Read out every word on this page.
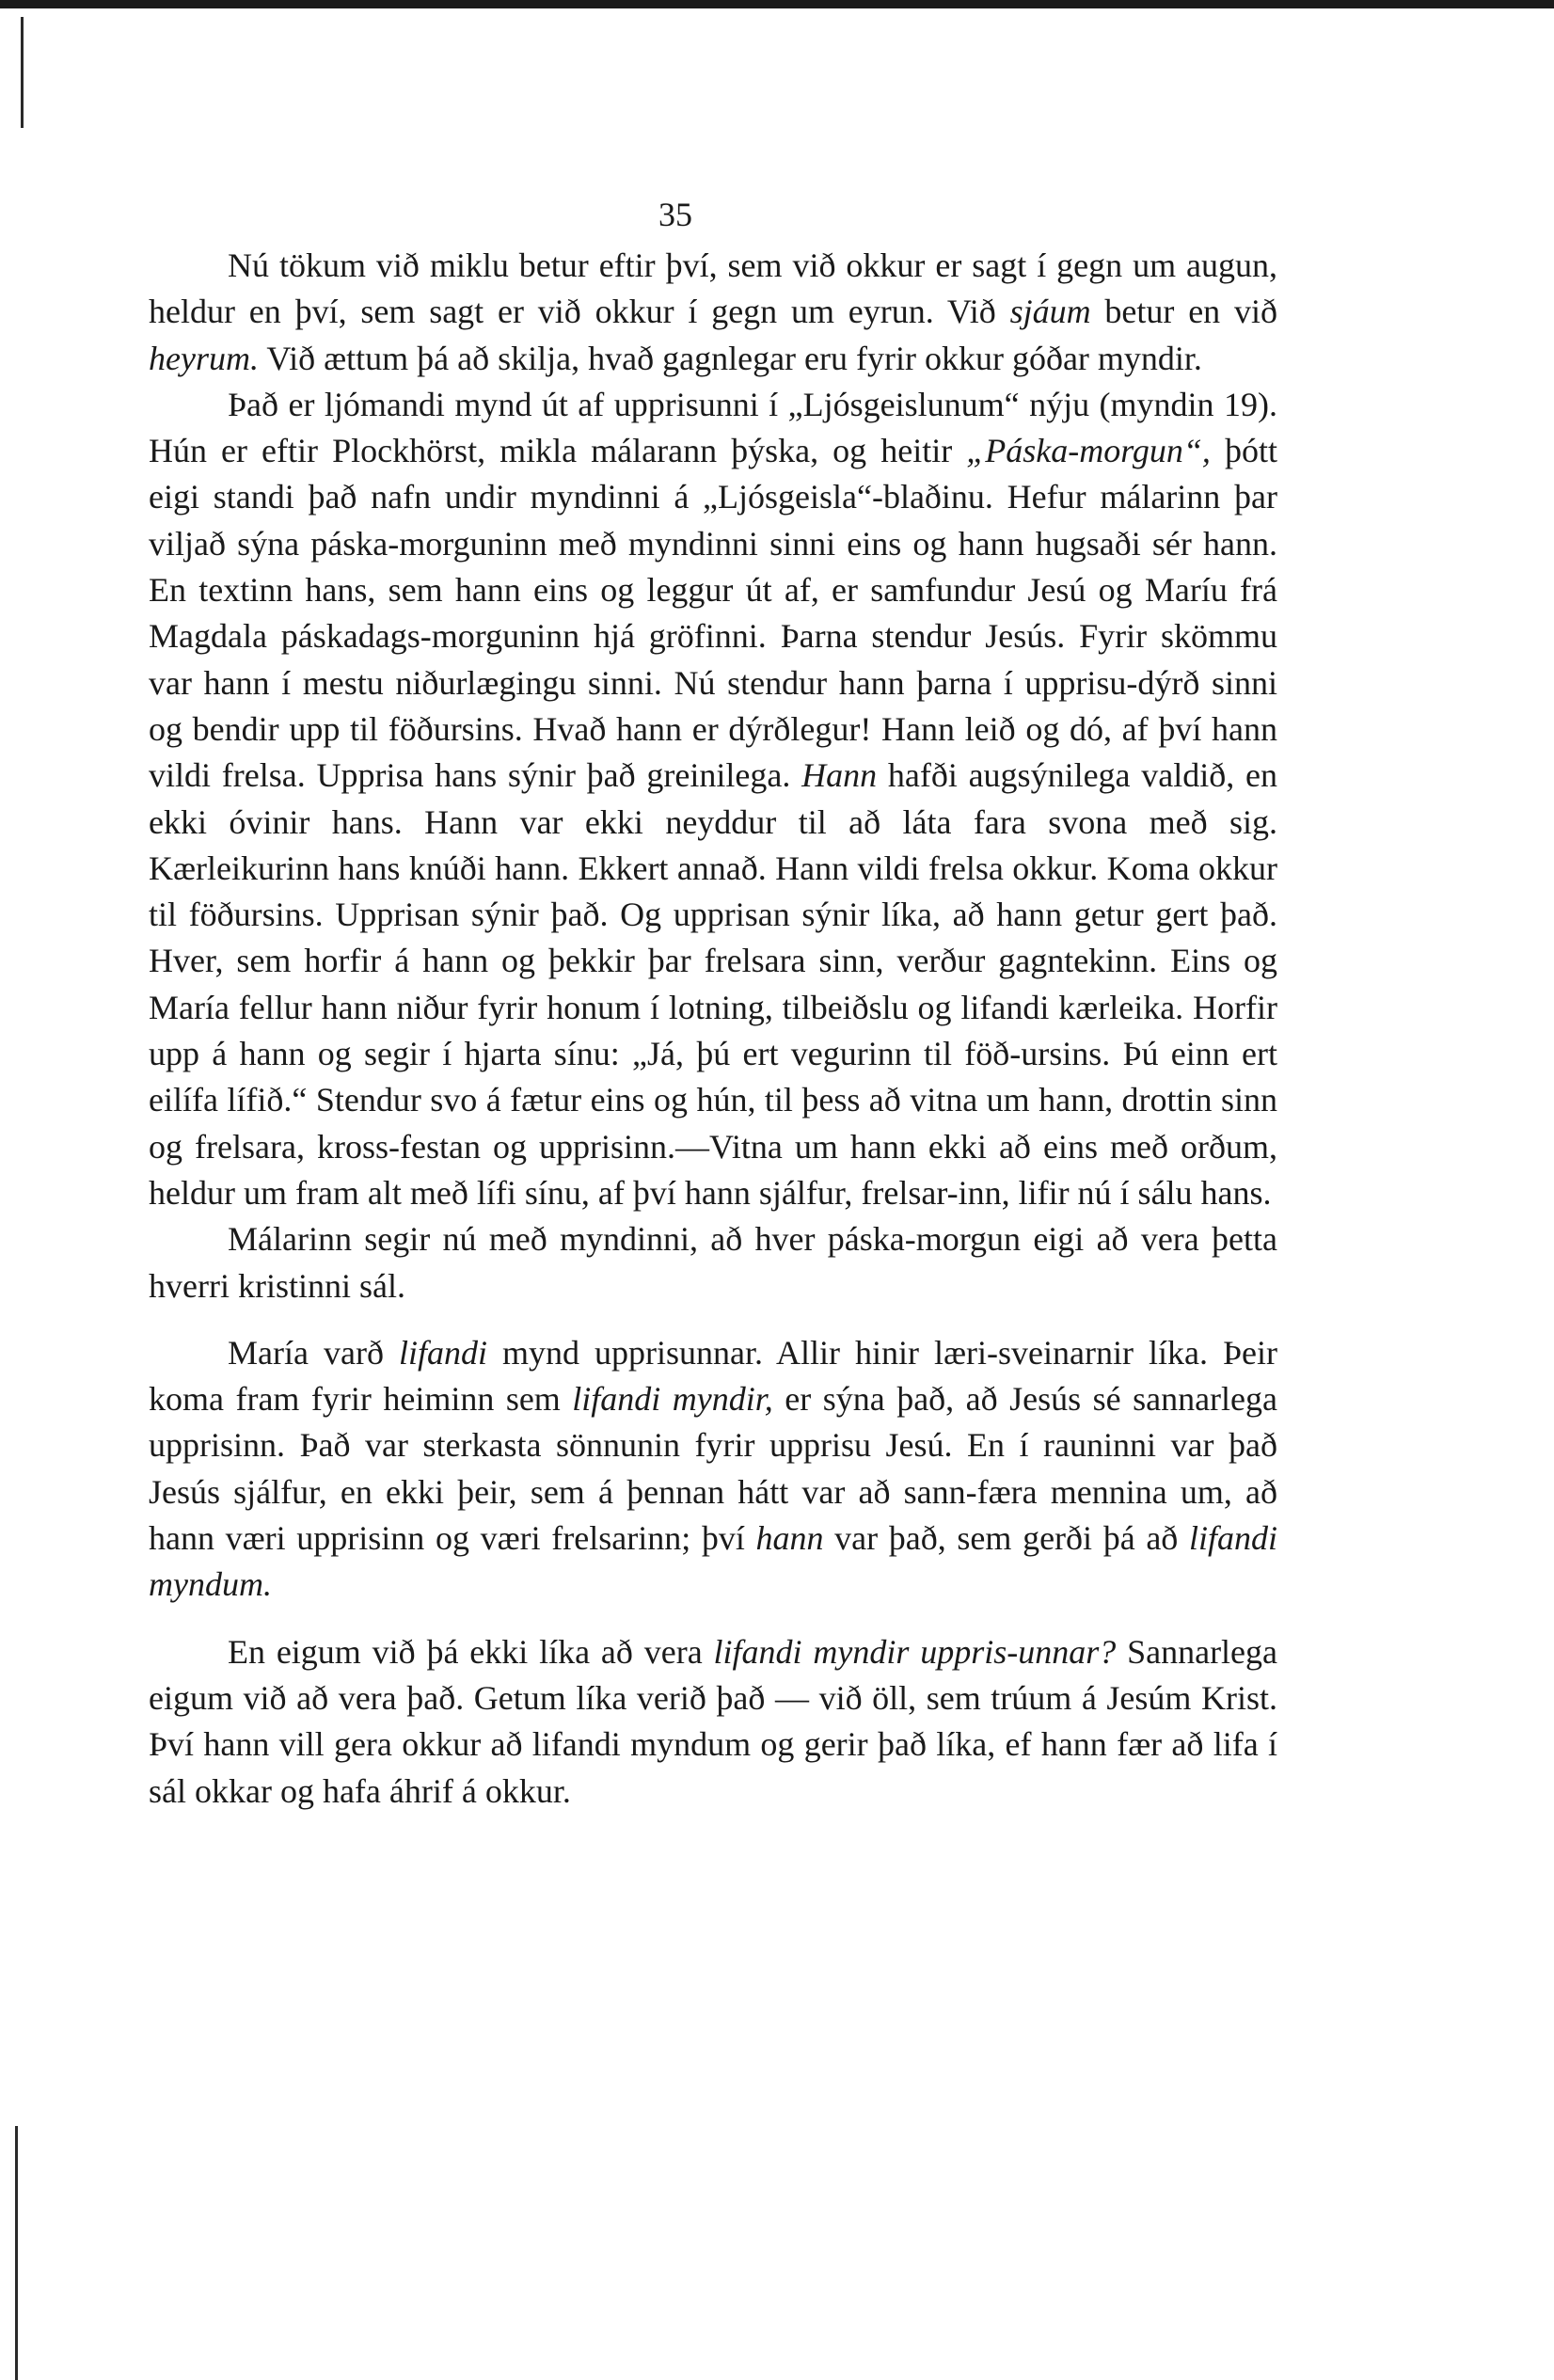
35

Nú tökum við miklu betur eftir því, sem við okkur er sagt í gegn um augun, heldur en því, sem sagt er við okkur í gegn um eyrun. Við sjáum betur en við heyrum. Við ættum þá að skilja, hvað gagnlegar eru fyrir okkur góðar myndir.

Það er ljómandi mynd út af upprisunni í „Ljósgeislunum“ nýju (myndin 19). Hún er eftir Plockhörst, mikla málarann þýska, og heitir „Páska-morgun“, þótt eigi standi það nafn undir myndinni á „Ljósgeisla“-blaðinu. Hefur málarinn þar viljað sýna páska-morguninn með myndinni sinni eins og hann hugsaði sér hann. En textinn hans, sem hann eins og leggur út af, er samfundur Jesú og Maríu frá Magdala páskadags-morguninn hjá gröfinni. Þarna stendur Jesús. Fyrir skömmu var hann í mestu niðurlægingu sinni. Nú stendur hann þarna í upprisu-dýrð sinni og bendir upp til föðursins. Hvað hann er dýrðlegur! Hann leið og dó, af því hann vildi frelsa. Upprisa hans sýnir það greinilega. Hann hafði augsýnilega valdið, en ekki óvinir hans. Hann var ekki neyddur til að láta fara svona með sig. Kærleikurinn hans knúði hann. Ekkert annað. Hann vildi frelsa okkur. Koma okkur til föðursins. Upprisan sýnir það. Og upprisan sýnir líka, að hann getur gert það. Hver, sem horfir á hann og þekkir þar frelsara sinn, verður gagntekinn. Eins og María fellur hann niður fyrir honum í lotning, tilbeiðslu og lifandi kærleika. Horfir upp á hann og segir í hjarta sínu: „Já, þú ert vegurinn til föð-ursins. Þú einn ert eilífa lífið.“ Stendur svo á fætur eins og hún, til þess að vitna um hann, drottin sinn og frelsara, kross-festan og upprisinn.—Vitna um hann ekki að eins með orðum, heldur um fram alt með lífi sínu, af því hann sjálfur, frelsar-inn, lifir nú í sálu hans.

Málarinn segir nú með myndinni, að hver páska-morgun eigi að vera þetta hverri kristinni sál.

María varð lifandi mynd upprisunnar. Allir hinir læri-sveinarnir líka. Þeir koma fram fyrir heiminn sem lifandi myndir, er sýna það, að Jesús sé sannarlega upprisinn. Það var sterkasta sönnunin fyrir upprisu Jesú. En í rauninni var það Jesús sjálfur, en ekki þeir, sem á þennan hátt var að sann-færa mennina um, að hann væri upprisinn og væri frelsarinn; því hann var það, sem gerði þá að lifandi myndum.

En eigum við þá ekki líka að vera lifandi myndir uppris-unnar? Sannarlega eigum við að vera það. Getum líka verið það — við öll, sem trúum á Jesúm Krist. Því hann vill gera okkur að lifandi myndum og gerir það líka, ef hann fær að lifa í sál okkar og hafa áhrif á okkur.
